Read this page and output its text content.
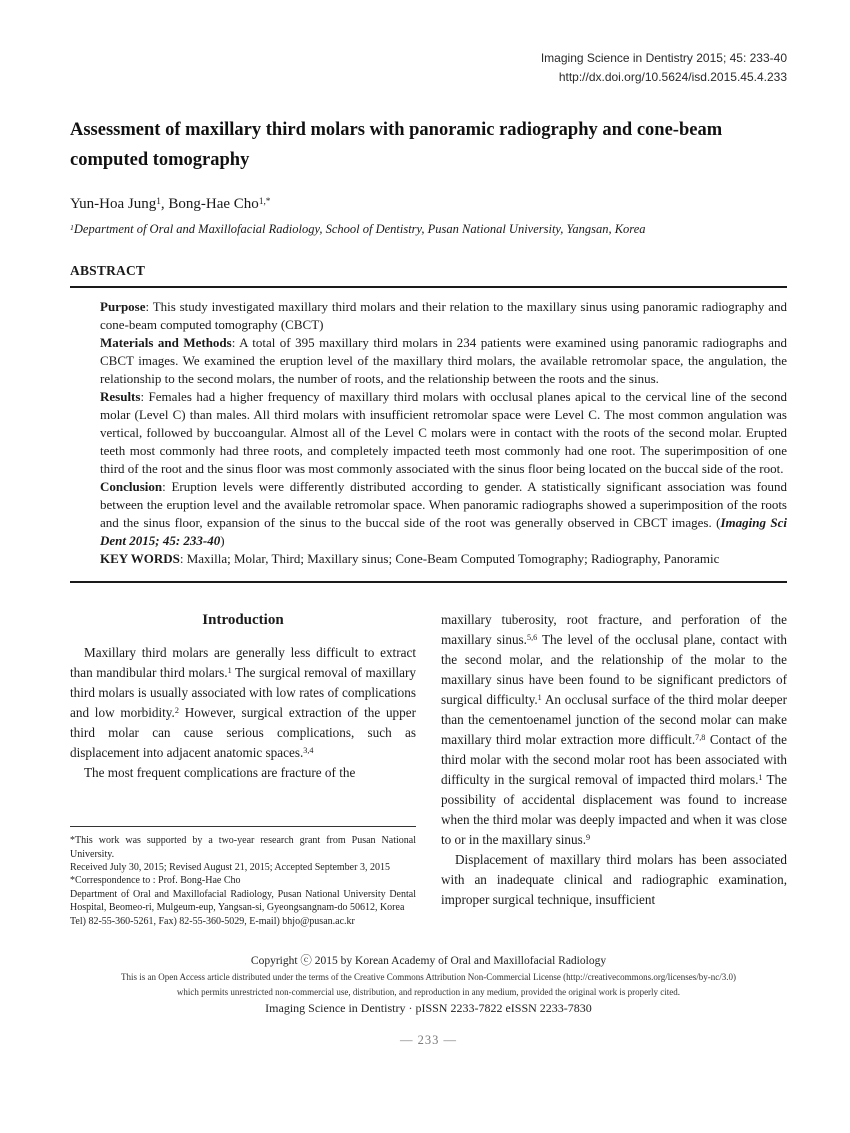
Imaging Science in Dentistry 2015; 45: 233-40
http://dx.doi.org/10.5624/isd.2015.45.4.233
Assessment of maxillary third molars with panoramic radiography and cone-beam computed tomography
Yun-Hoa Jung$^1$, Bong-Hae Cho$^{1,*}$
$^1$Department of Oral and Maxillofacial Radiology, School of Dentistry, Pusan National University, Yangsan, Korea
ABSTRACT

Purpose: This study investigated maxillary third molars and their relation to the maxillary sinus using panoramic radiography and cone-beam computed tomography (CBCT)

Materials and Methods: A total of 395 maxillary third molars in 234 patients were examined using panoramic radiographs and CBCT images. We examined the eruption level of the maxillary third molars, the available retromolar space, the angulation, the relationship to the second molars, the number of roots, and the relationship between the roots and the sinus.

Results: Females had a higher frequency of maxillary third molars with occlusal planes apical to the cervical line of the second molar (Level C) than males. All third molars with insufficient retromolar space were Level C. The most common angulation was vertical, followed by buccoangular. Almost all of the Level C molars were in contact with the roots of the second molar. Erupted teeth most commonly had three roots, and completely impacted teeth most commonly had one root. The superimposition of one third of the root and the sinus floor was most commonly associated with the sinus floor being located on the buccal side of the root.

Conclusion: Eruption levels were differently distributed according to gender. A statistically significant association was found between the eruption level and the available retromolar space. When panoramic radiographs showed a superimposition of the roots and the sinus floor, expansion of the sinus to the buccal side of the root was generally observed in CBCT images. (Imaging Sci Dent 2015; 45: 233-40)

KEY WORDS: Maxilla; Molar, Third; Maxillary sinus; Cone-Beam Computed Tomography; Radiography, Panoramic

Introduction

Maxillary third molars are generally less difficult to extract than mandibular third molars.$^1$ The surgical removal of maxillary third molars is usually associated with low rates of complications and low morbidity.$^2$ However, surgical extraction of the upper third molar can cause serious complications, such as displacement into adjacent anatomic spaces.$^{3,4}$

The most frequent complications are fracture of the

*This work was supported by a two-year research grant from Pusan National University.
Received July 30, 2015; Revised August 21, 2015; Accepted September 3, 2015
*Correspondence to : Prof. Bong-Hae Cho
Department of Oral and Maxillofacial Radiology, Pusan National University Dental Hospital, Beomeo-ri, Mulgeum-eup, Yangsan-si, Gyeongsangnam-do 50612, Korea
Tel) 82-55-360-5261, Fax) 82-55-360-5029, E-mail) bhjo@pusan.ac.kr

maxillary tuberosity, root fracture, and perforation of the maxillary sinus.$^{5,6}$ The level of the occlusal plane, contact with the second molar, and the relationship of the molar to the maxillary sinus have been found to be significant predictors of surgical difficulty.$^1$ An occlusal surface of the third molar deeper than the cementoenamel junction of the second molar can make maxillary third molar extraction more difficult.$^{7,8}$ Contact of the third molar with the second molar root has been associated with difficulty in the surgical removal of impacted third molars.$^1$ The possibility of accidental displacement was found to increase when the third molar was deeply impacted and when it was close to or in the maxillary sinus.$^9$

Displacement of maxillary third molars has been associated with an inadequate clinical and radiographic examination, improper surgical technique, insufficient

Copyright ⓒ 2015 by Korean Academy of Oral and Maxillofacial Radiology
This is an Open Access article distributed under the terms of the Creative Commons Attribution Non-Commercial License (http://creativecommons.org/licenses/by-nc/3.0)
which permits unrestricted non-commercial use, distribution, and reproduction in any medium, provided the original work is properly cited.
Imaging Science in Dentistry · pISSN 2233-7822 eISSN 2233-7830
— 233 —
